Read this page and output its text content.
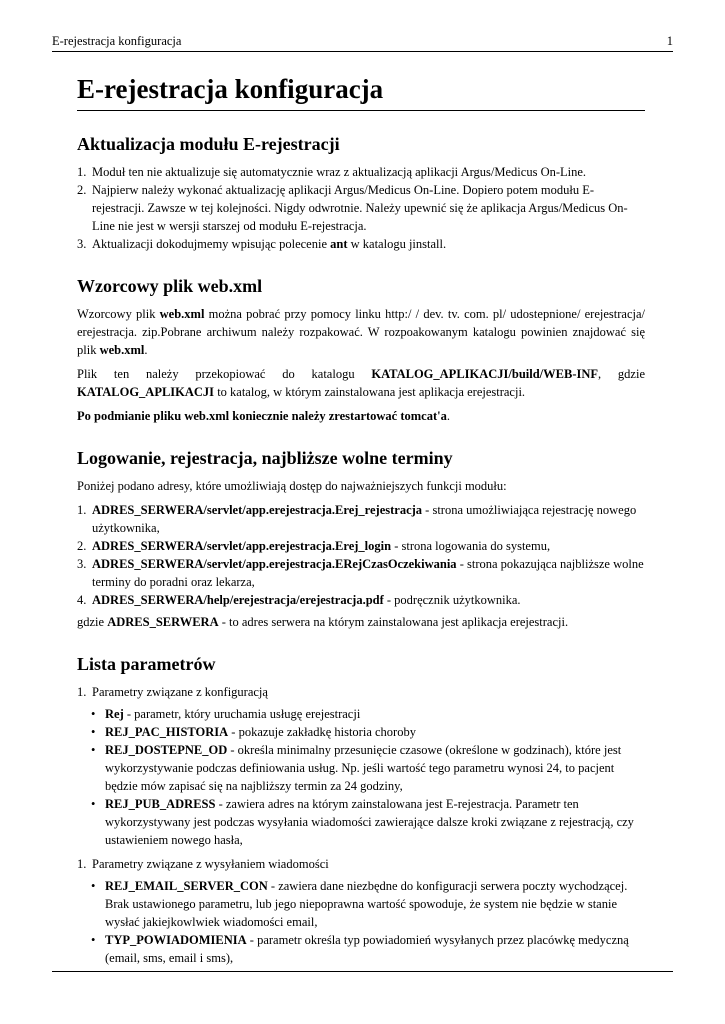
E-rejestracja konfiguracja	1
E-rejestracja konfiguracja
Aktualizacja modułu E-rejestracji
1. Moduł ten nie aktualizuje się automatycznie wraz z aktualizacją aplikacji Argus/Medicus On-Line.
2. Najpierw należy wykonać aktualizację aplikacji Argus/Medicus On-Line. Dopiero potem modułu E-rejestracji. Zawsze w tej kolejności. Nigdy odwrotnie. Należy upewnić się że aplikacja Argus/Medicus On-Line nie jest w wersji starszej od modułu E-rejestracja.
3. Aktualizacji dokodujmemy wpisując polecenie ant w katalogu jinstall.
Wzorcowy plik web.xml

Wzorcowy plik web.xml można pobrać przy pomocy linku http:/ / dev. tv. com. pl/ udostepnione/ erejestracja/ erejestracja. zip.Pobrane archiwum należy rozpakować. W rozpoakowanym katalogu powinien znajdować się plik web.xml.

Plik ten należy przekopiować do katalogu KATALOG_APLIKACJI/build/WEB-INF, gdzie KATALOG_APLIKACJI to katalog, w którym zainstalowana jest aplikacja erejestracji.

Po podmianie pliku web.xml koniecznie należy zrestartować tomcat'a.

Logowanie, rejestracja, najbliższe wolne terminy

Poniżej podano adresy, które umożliwiają dostęp do najważniejszych funkcji modułu:

1. ADRES_SERWERA/servlet/app.erejestracja.Erej_rejestracja - strona umożliwiająca rejestrację nowego użytkownika,
2. ADRES_SERWERA/servlet/app.erejestracja.Erej_login - strona logowania do systemu,
3. ADRES_SERWERA/servlet/app.erejestracja.ERejCzasOczekiwania - strona pokazująca najbliższe wolne terminy do poradni oraz lekarza,
4. ADRES_SERWERA/help/erejestracja/erejestracja.pdf - podręcznik użytkownika.

gdzie ADRES_SERWERA - to adres serwera na którym zainstalowana jest aplikacja erejestracji.

Lista parametrów
1. Parametry związane z konfiguracją
• Rej - parametr, który uruchamia usługę erejestracji
• REJ_PAC_HISTORIA - pokazuje zakładkę historia choroby
• REJ_DOSTEPNE_OD - określa minimalny przesunięcie czasowe (określone w godzinach), które jest wykorzystywanie podczas definiowania usług. Np. jeśli wartość tego parametru wynosi 24, to pacjent będzie mów zapisać się na najbliższy termin za 24 godziny,
• REJ_PUB_ADRESS - zawiera adres na którym zainstalowana jest E-rejestracja. Parametr ten wykorzystywany jest podczas wysyłania wiadomości zawierające dalsze kroki związane z rejestracją, czy ustawieniem nowego hasła,
1. Parametry związane z wysyłaniem wiadomości
• REJ_EMAIL_SERVER_CON - zawiera dane niezbędne do konfiguracji serwera poczty wychodzącej. Brak ustawionego parametru, lub jego niepoprawna wartość spowoduje, że system nie będzie w stanie wysłać jakiejkowlwiek wiadomości email,
• TYP_POWIADOMIENIA - parametr określa typ powiadomień wysyłanych przez placówkę medyczną (email, sms, email i sms),
